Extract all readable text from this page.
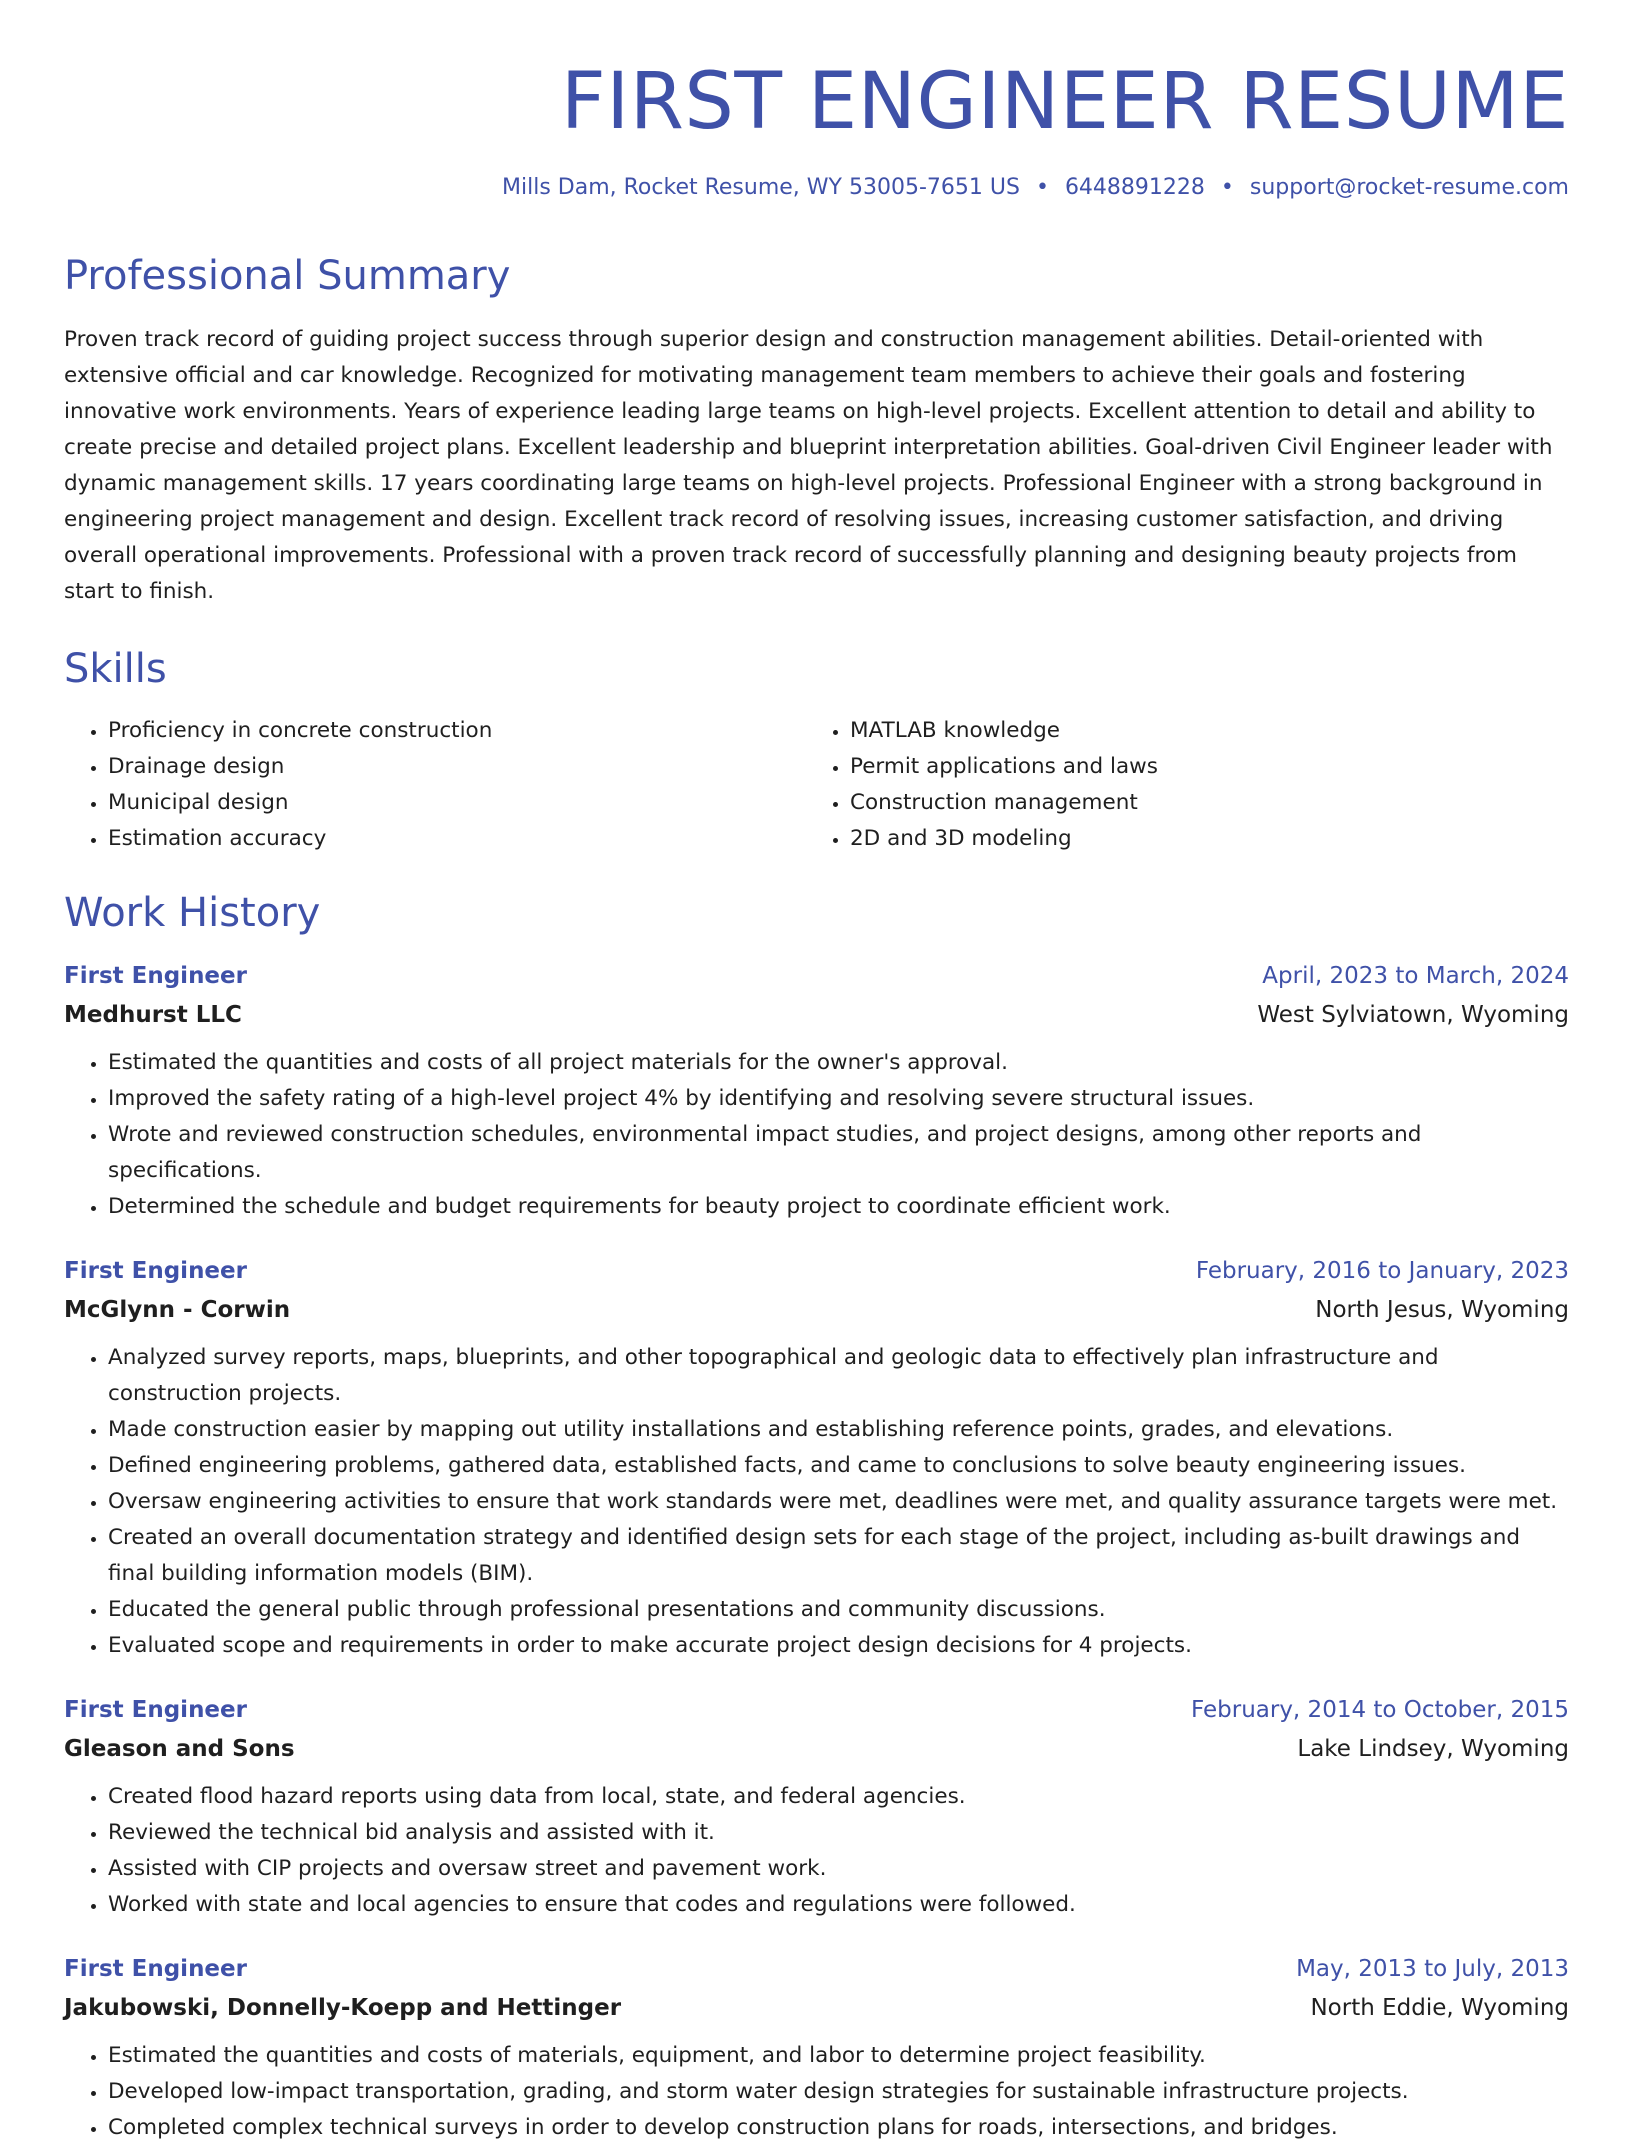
FIRST ENGINEER RESUME
Mills Dam, Rocket Resume, WY 53005-7651 US • 6448891228 • support@rocket-resume.com
Professional Summary

Proven track record of guiding project success through superior design and construction management abilities. Detail-oriented with extensive official and car knowledge. Recognized for motivating management team members to achieve their goals and fostering innovative work environments. Years of experience leading large teams on high-level projects. Excellent attention to detail and ability to create precise and detailed project plans. Excellent leadership and blueprint interpretation abilities. Goal-driven Civil Engineer leader with dynamic management skills. 17 years coordinating large teams on high-level projects. Professional Engineer with a strong background in engineering project management and design. Excellent track record of resolving issues, increasing customer satisfaction, and driving overall operational improvements. Professional with a proven track record of successfully planning and designing beauty projects from start to finish.

Skills
• Proficiency in concrete construction
• Drainage design
• Municipal design
• Estimation accuracy
• MATLAB knowledge
• Permit applications and laws
• Construction management
• 2D and 3D modeling
Work History
First Engineer	April, 2023 to March, 2024
Medhurst LLC	West Sylviatown, Wyoming
• Estimated the quantities and costs of all project materials for the owner's approval.
• Improved the safety rating of a high-level project 4% by identifying and resolving severe structural issues.
• Wrote and reviewed construction schedules, environmental impact studies, and project designs, among other reports and specifications.
• Determined the schedule and budget requirements for beauty project to coordinate efficient work.
First Engineer	February, 2016 to January, 2023
McGlynn - Corwin	North Jesus, Wyoming
• Analyzed survey reports, maps, blueprints, and other topographical and geologic data to effectively plan infrastructure and construction projects.
• Made construction easier by mapping out utility installations and establishing reference points, grades, and elevations.
• Defined engineering problems, gathered data, established facts, and came to conclusions to solve beauty engineering issues.
• Oversaw engineering activities to ensure that work standards were met, deadlines were met, and quality assurance targets were met.
• Created an overall documentation strategy and identified design sets for each stage of the project, including as-built drawings and final building information models (BIM).
• Educated the general public through professional presentations and community discussions.
• Evaluated scope and requirements in order to make accurate project design decisions for 4 projects.
First Engineer	February, 2014 to October, 2015
Gleason and Sons	Lake Lindsey, Wyoming
• Created flood hazard reports using data from local, state, and federal agencies.
• Reviewed the technical bid analysis and assisted with it.
• Assisted with CIP projects and oversaw street and pavement work.
• Worked with state and local agencies to ensure that codes and regulations were followed.
First Engineer	May, 2013 to July, 2013
Jakubowski, Donnelly-Koepp and Hettinger	North Eddie, Wyoming
• Estimated the quantities and costs of materials, equipment, and labor to determine project feasibility.
• Developed low-impact transportation, grading, and storm water design strategies for sustainable infrastructure projects.
• Completed complex technical surveys in order to develop construction plans for roads, intersections, and bridges.
